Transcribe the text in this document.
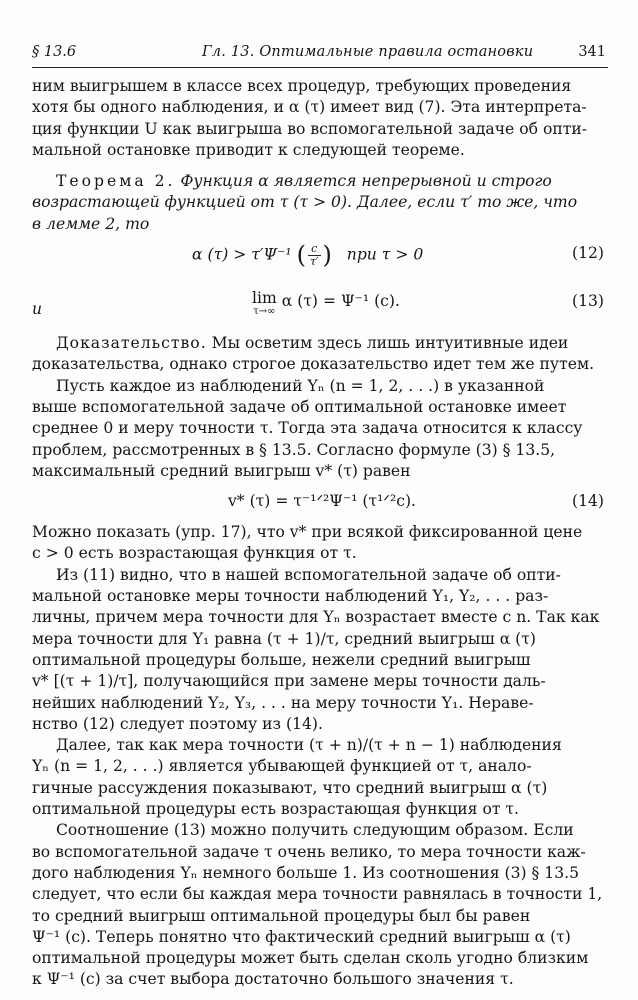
§ 13.6	Гл. 13. Оптимальные правила остановки	341

ним выигрышем в классе всех процедур, требующих проведения
хотя бы одного наблюдения, и α (τ) имеет вид (7). Эта интерпрета-
ция функции U как выигрыша во вспомогательной задаче об опти-
мальной остановке приводит к следующей теореме.

Теорема 2. Функция α является непрерывной и строго
возрастающей функцией от τ (τ > 0). Далее, если τ′ то же, что
в лемме 2, то

α (τ) > τ′Ψ⁻¹ ( $\frac{c}{\tau'}$ ) при τ > 0	(12)
и
lim
τ→∞
α (τ) = Ψ⁻¹ (c).	(13)

Доказательство. Мы осветим здесь лишь интуитивные идеи
доказательства, однако строгое доказательство идет тем же путем.

Пусть каждое из наблюдений Yₙ (n = 1, 2, . . .) в указанной
выше вспомогательной задаче об оптимальной остановке имеет
среднее 0 и меру точности τ. Тогда эта задача относится к классу
проблем, рассмотренных в § 13.5. Согласно формуле (3) § 13.5,
максимальный средний выигрыш v* (τ) равен

v* (τ) = τ⁻¹ᐟ²Ψ⁻¹ (τ¹ᐟ²c).	(14)

Можно показать (упр. 17), что v* при всякой фиксированной цене
c > 0 есть возрастающая функция от τ.

Из (11) видно, что в нашей вспомогательной задаче об опти-
мальной остановке меры точности наблюдений Y₁, Y₂, . . . раз-
личны, причем мера точности для Yₙ возрастает вместе с n. Так как
мера точности для Y₁ равна (τ + 1)/τ, средний выигрыш α (τ)
оптимальной процедуры больше, нежели средний выигрыш
v* [(τ + 1)/τ], получающийся при замене меры точности даль-
нейших наблюдений Y₂, Y₃, . . . на меру точности Y₁. Нераве-
нство (12) следует поэтому из (14).

Далее, так как мера точности (τ + n)/(τ + n − 1) наблюдения
Yₙ (n = 1, 2, . . .) является убывающей функцией от τ, анало-
гичные рассуждения показывают, что средний выигрыш α (τ)
оптимальной процедуры есть возрастающая функция от τ.

Соотношение (13) можно получить следующим образом. Если
во вспомогательной задаче τ очень велико, то мера точности каж-
дого наблюдения Yₙ немного больше 1. Из соотношения (3) § 13.5
следует, что если бы каждая мера точности равнялась в точности 1,
то средний выигрыш оптимальной процедуры был бы равен
Ψ⁻¹ (c). Теперь понятно что фактический средний выигрыш α (τ)
оптимальной процедуры может быть сделан сколь угодно близким
к Ψ⁻¹ (c) за счет выбора достаточно большого значения τ.
